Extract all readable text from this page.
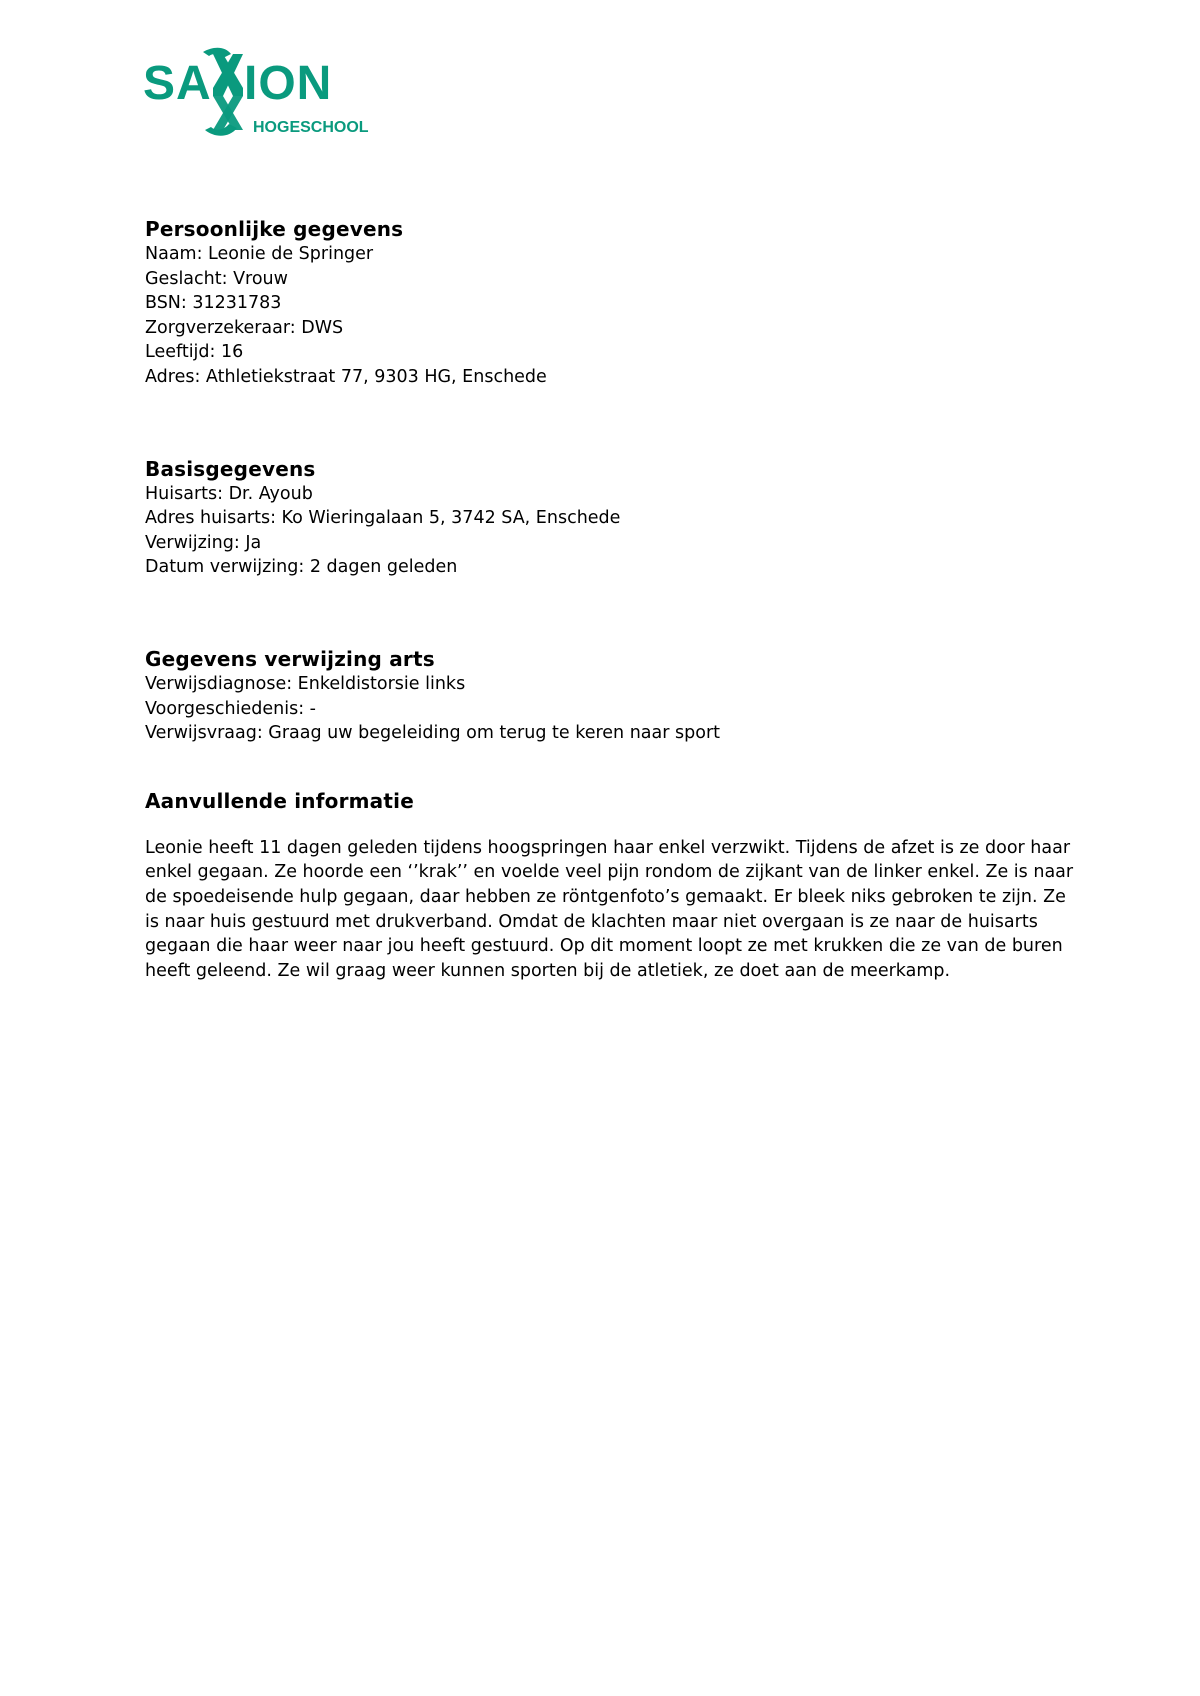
SA ION
HOGESCHOOL

Persoonlijke gegevens

Naam: Leonie de Springer

Geslacht: Vrouw

BSN: 31231783

Zorgverzekeraar: DWS

Leeftijd: 16

Adres: Athletiekstraat 77, 9303 HG, Enschede

Basisgegevens

Huisarts: Dr. Ayoub

Adres huisarts: Ko Wieringalaan 5, 3742 SA, Enschede

Verwijzing: Ja

Datum verwijzing: 2 dagen geleden

Gegevens verwijzing arts

Verwijsdiagnose: Enkeldistorsie links

Voorgeschiedenis: -

Verwijsvraag: Graag uw begeleiding om terug te keren naar sport

Aanvullende informatie

Leonie heeft 11 dagen geleden tijdens hoogspringen haar enkel verzwikt. Tijdens de afzet is ze door haar enkel gegaan. Ze hoorde een ‘’krak’’ en voelde veel pijn rondom de zijkant van de linker enkel. Ze is naar de spoedeisende hulp gegaan, daar hebben ze röntgenfoto’s gemaakt. Er bleek niks gebroken te zijn. Ze is naar huis gestuurd met drukverband. Omdat de klachten maar niet overgaan is ze naar de huisarts gegaan die haar weer naar jou heeft gestuurd. Op dit moment loopt ze met krukken die ze van de buren heeft geleend. Ze wil graag weer kunnen sporten bij de atletiek, ze doet aan de meerkamp.
